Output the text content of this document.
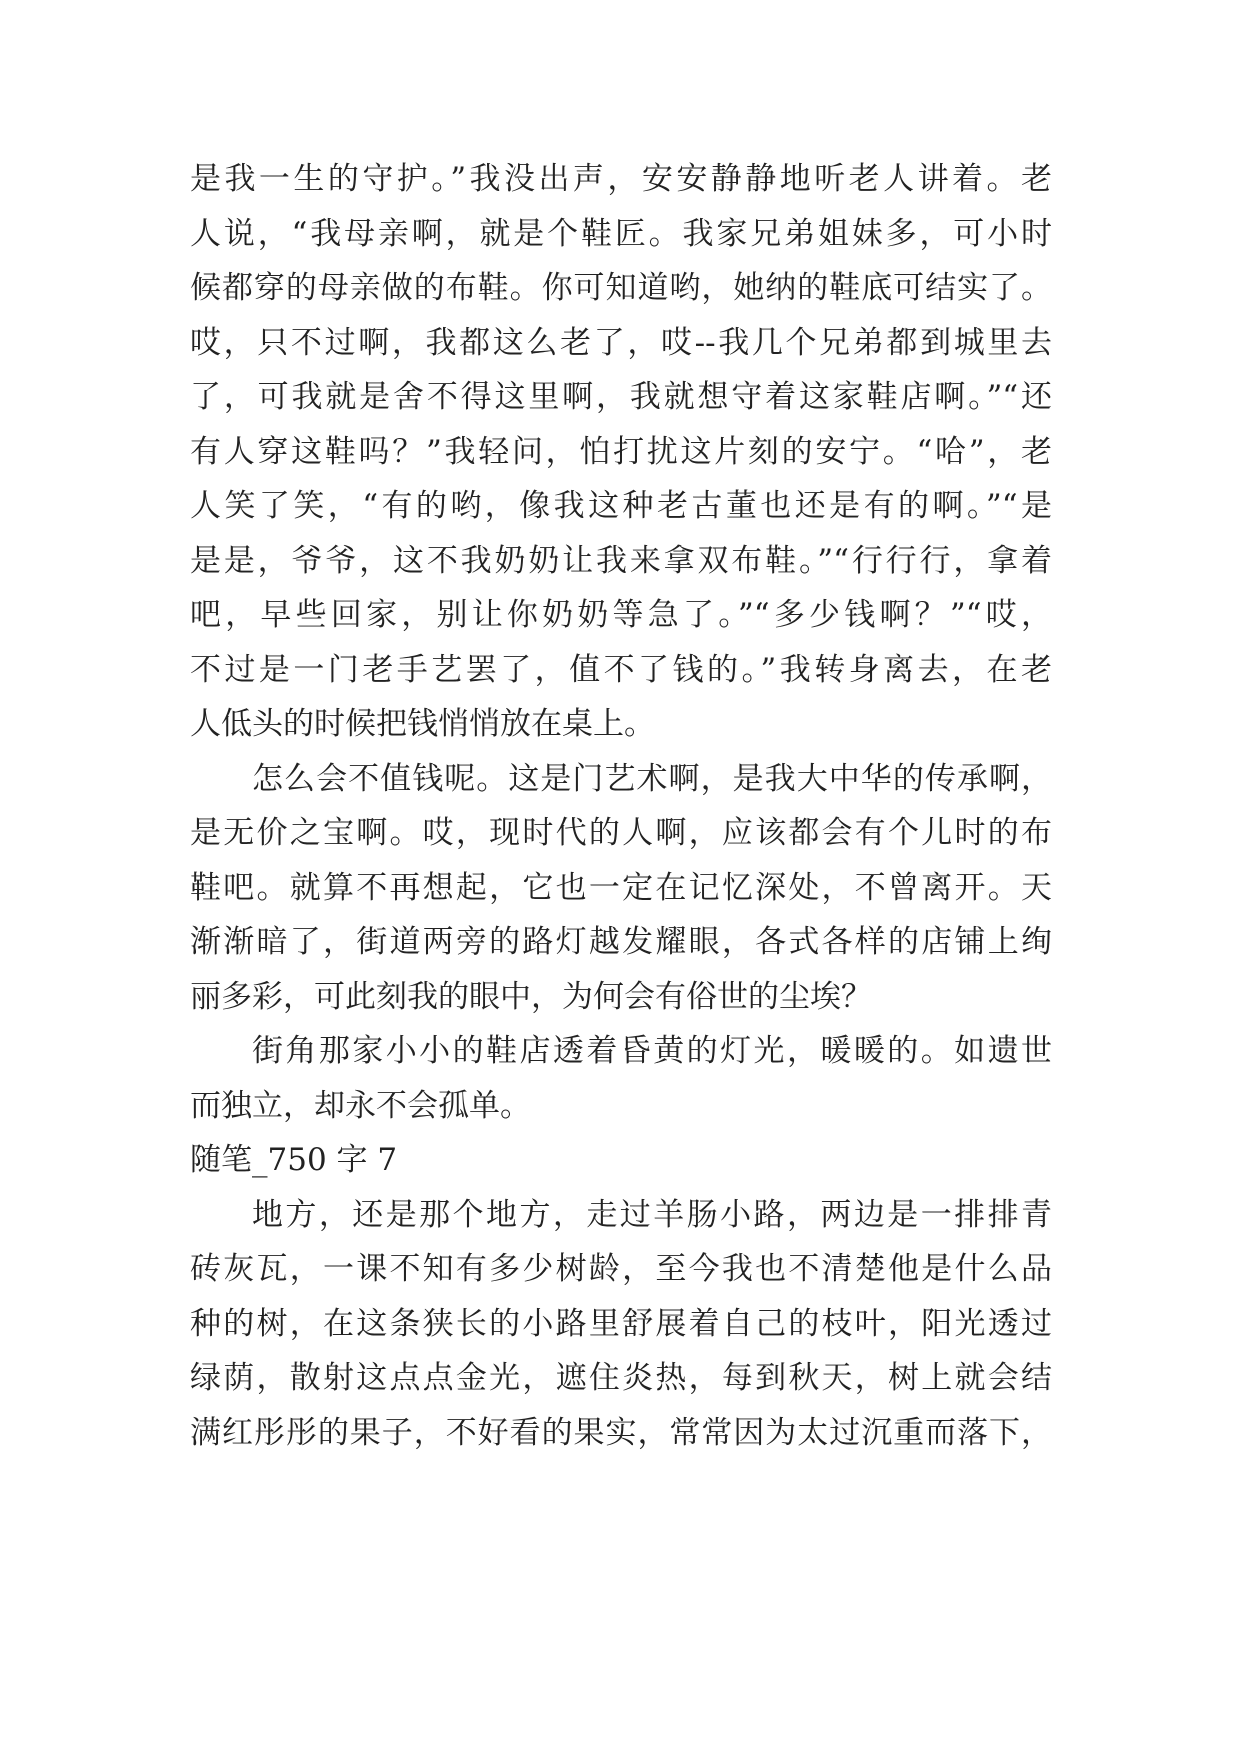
是我一生的守护。”我没出声，安安静静地听老人讲着。老
人说，“我母亲啊，就是个鞋匠。我家兄弟姐妹多，可小时
候都穿的母亲做的布鞋。你可知道哟，她纳的鞋底可结实了。
哎，只不过啊，我都这么老了，哎--我几个兄弟都到城里去
了，可我就是舍不得这里啊，我就想守着这家鞋店啊。”“还
有人穿这鞋吗？”我轻问，怕打扰这片刻的安宁。“哈”，老
人笑了笑，“有的哟，像我这种老古董也还是有的啊。”“是
是是，爷爷，这不我奶奶让我来拿双布鞋。”“行行行，拿着
吧，早些回家，别让你奶奶等急了。”“多少钱啊？”“哎，
不过是一门老手艺罢了，值不了钱的。”我转身离去，在老
人低头的时候把钱悄悄放在桌上。
怎么会不值钱呢。这是门艺术啊，是我大中华的传承啊，
是无价之宝啊。哎，现时代的人啊，应该都会有个儿时的布
鞋吧。就算不再想起，它也一定在记忆深处，不曾离开。天
渐渐暗了，街道两旁的路灯越发耀眼，各式各样的店铺上绚
丽多彩，可此刻我的眼中，为何会有俗世的尘埃？
街角那家小小的鞋店透着昏黄的灯光，暖暖的。如遗世
而独立，却永不会孤单。
随笔_750 字 7
地方，还是那个地方，走过羊肠小路，两边是一排排青
砖灰瓦，一课不知有多少树龄，至今我也不清楚他是什么品
种的树，在这条狭长的小路里舒展着自己的枝叶，阳光透过
绿荫，散射这点点金光，遮住炎热，每到秋天，树上就会结
满红彤彤的果子，不好看的果实，常常因为太过沉重而落下，
